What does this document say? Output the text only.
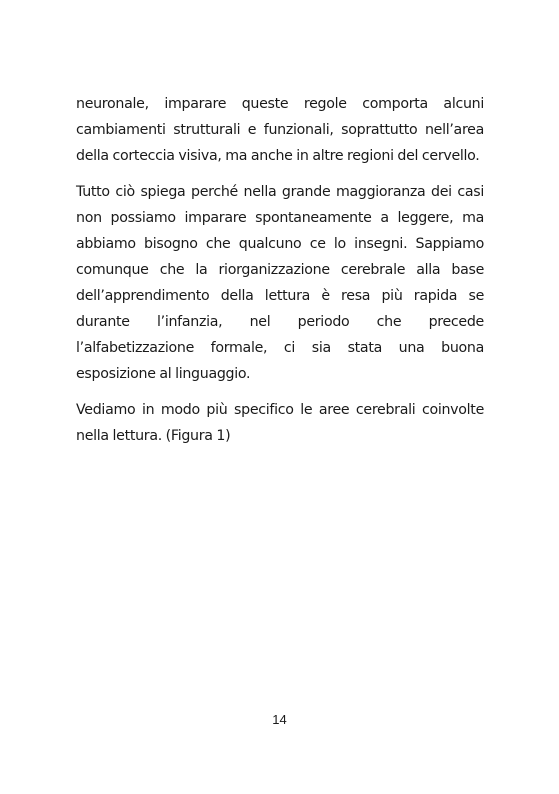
neuronale, imparare queste regole comporta alcuni cambiamenti strutturali e funzionali, soprattutto nell’area della corteccia visiva, ma anche in altre regioni del cervello.

Tutto ciò spiega perché nella grande maggioranza dei casi non possiamo imparare spontaneamente a leggere, ma abbiamo bisogno che qualcuno ce lo insegni. Sappiamo comunque che la riorganizzazione cerebrale alla base dell’apprendimento della lettura è resa più rapida se durante l’infanzia, nel periodo che precede l’alfabetizzazione formale, ci sia stata una buona esposizione al linguaggio.

Vediamo in modo più specifico le aree cerebrali coinvolte nella lettura. (Figura 1)

14
